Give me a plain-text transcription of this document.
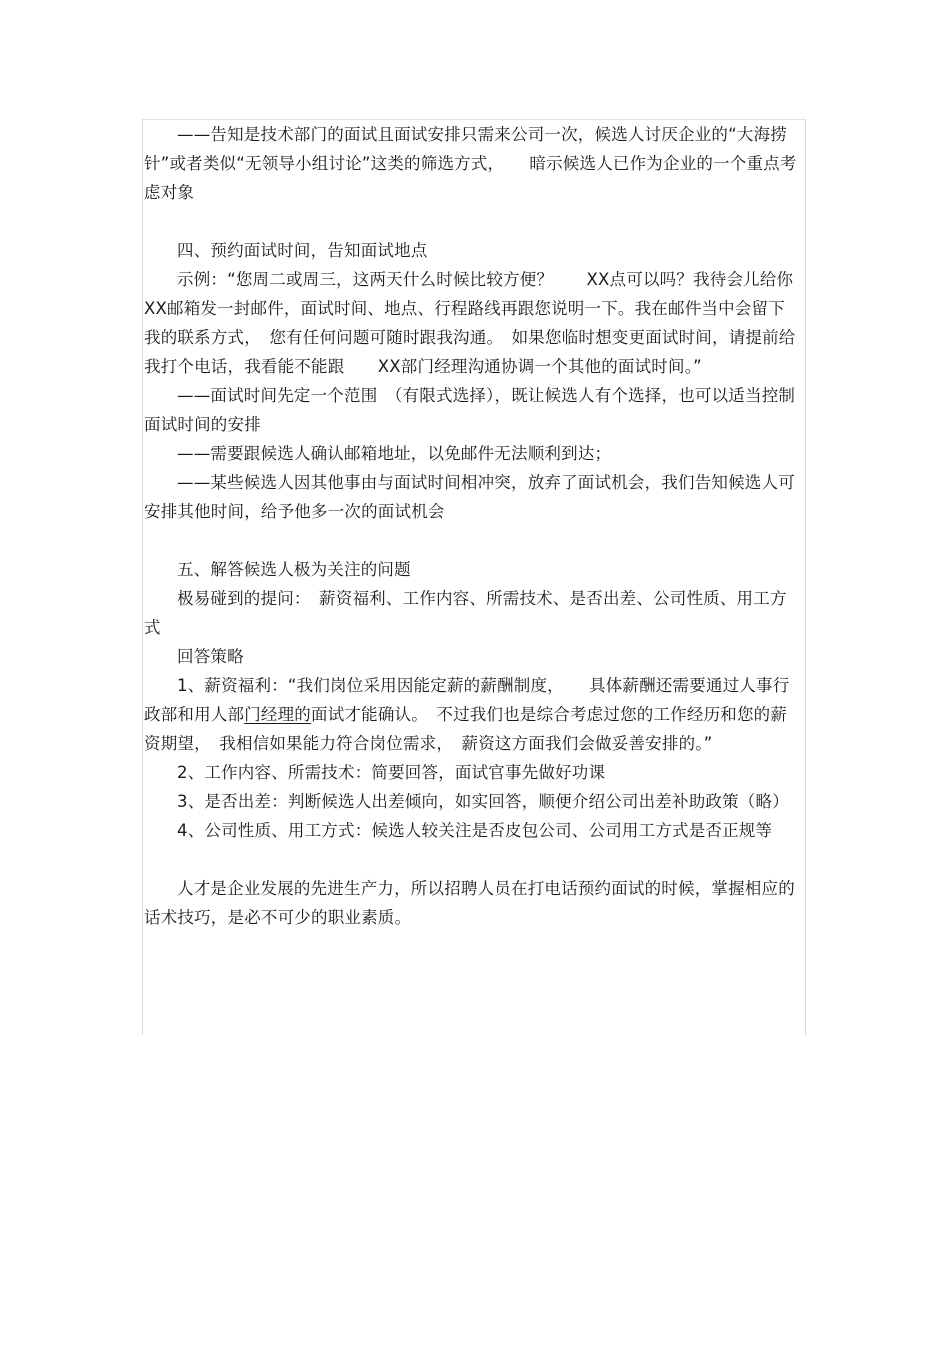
——告知是技术部门的面试且面试安排只需来公司一次，候选人讨厌企业的“大海捞针”或者类似“无领导小组讨论”这类的筛选方式，　　暗示候选人已作为企业的一个重点考虑对象

四、预约面试时间，告知面试地点

示例：“您周二或周三，这两天什么时候比较方便？　　XX点可以吗？我待会儿给你 XX邮箱发一封邮件，面试时间、地点、行程路线再跟您说明一下。我在邮件当中会留下我的联系方式，　您有任何问题可随时跟我沟通。　如果您临时想变更面试时间，请提前给我打个电话，我看能不能跟　　XX部门经理沟通协调一个其他的面试时间。”

——面试时间先定一个范围　（有限式选择），既让候选人有个选择，也可以适当控制面试时间的安排

——需要跟候选人确认邮箱地址，以免邮件无法顺利到达；

——某些候选人因其他事由与面试时间相冲突，放弃了面试机会，我们告知候选人可安排其他时间，给予他多一次的面试机会

五、解答候选人极为关注的问题

极易碰到的提问：　薪资福利、工作内容、所需技术、是否出差、公司性质、用工方式

回答策略

1、薪资福利：“我们岗位采用因能定薪的薪酬制度，　　具体薪酬还需要通过人事行政部和用人部门经理的面试才能确认。　不过我们也是综合考虑过您的工作经历和您的薪资期望，　我相信如果能力符合岗位需求，　薪资这方面我们会做妥善安排的。”

2、工作内容、所需技术：简要回答，面试官事先做好功课

3、是否出差：判断候选人出差倾向，如实回答，顺便介绍公司出差补助政策（略）

4、公司性质、用工方式：候选人较关注是否皮包公司、公司用工方式是否正规等

人才是企业发展的先进生产力，所以招聘人员在打电话预约面试的时候，掌握相应的话术技巧，是必不可少的职业素质。
